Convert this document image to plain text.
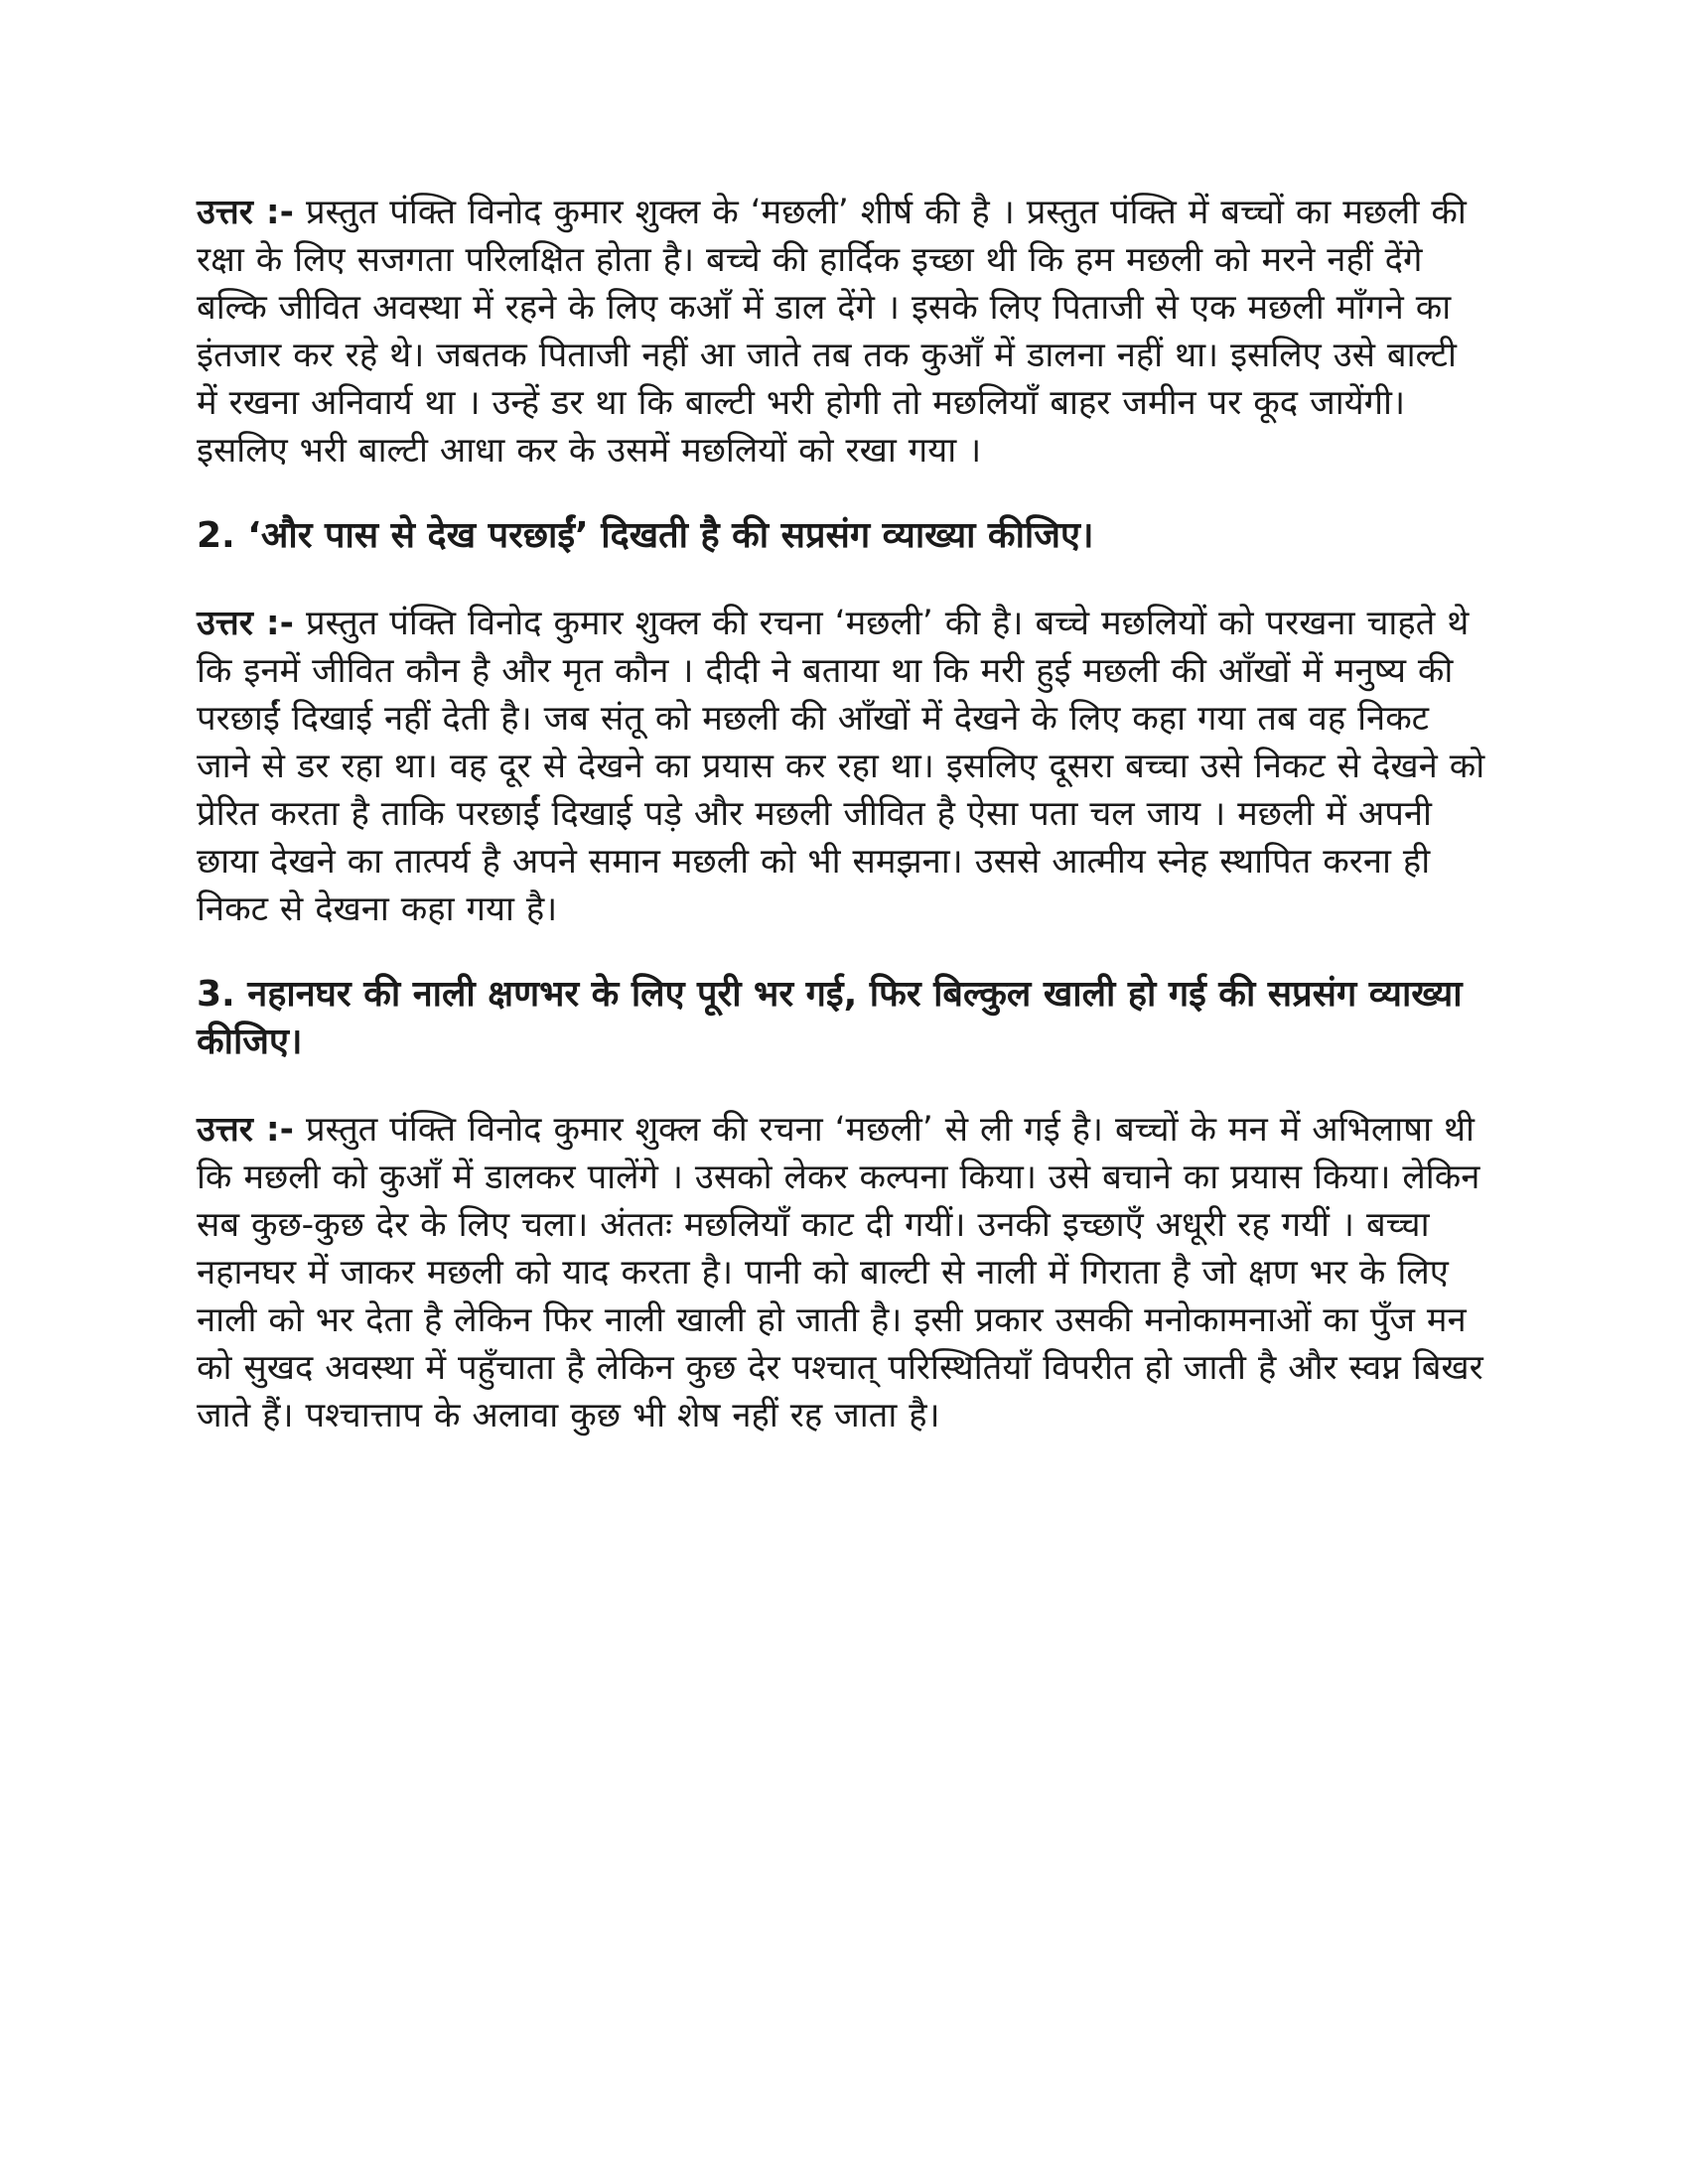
उत्तर :- प्रस्तुत पंक्ति विनोद कुमार शुक्ल के ‘मछली’ शीर्ष की है । प्रस्तुत पंक्ति में बच्चों का मछली की रक्षा के लिए सजगता परिलक्षित होता है। बच्चे की हार्दिक इच्छा थी कि हम मछली को मरने नहीं देंगे बल्कि जीवित अवस्था में रहने के लिए कआँ में डाल देंगे । इसके लिए पिताजी से एक मछली माँगने का इंतजार कर रहे थे। जबतक पिताजी नहीं आ जाते तब तक कुआँ में डालना नहीं था। इसलिए उसे बाल्टी में रखना अनिवार्य था । उन्हें डर था कि बाल्टी भरी होगी तो मछलियाँ बाहर जमीन पर कूद जायेंगी। इसलिए भरी बाल्टी आधा कर के उसमें मछलियों को रखा गया ।

2. ‘और पास से देख परछाईं’ दिखती है की सप्रसंग व्याख्या कीजिए।

उत्तर :- प्रस्तुत पंक्ति विनोद कुमार शुक्ल की रचना ‘मछली’ की है। बच्चे मछलियों को परखना चाहते थे कि इनमें जीवित कौन है और मृत कौन । दीदी ने बताया था कि मरी हुई मछली की आँखों में मनुष्य की परछाईं दिखाई नहीं देती है। जब संतू को मछली की आँखों में देखने के लिए कहा गया तब वह निकट जाने से डर रहा था। वह दूर से देखने का प्रयास कर रहा था। इसलिए दूसरा बच्चा उसे निकट से देखने को प्रेरित करता है ताकि परछाईं दिखाई पड़े और मछली जीवित है ऐसा पता चल जाय । मछली में अपनी छाया देखने का तात्पर्य है अपने समान मछली को भी समझना। उससे आत्मीय स्नेह स्थापित करना ही निकट से देखना कहा गया है।

3. नहानघर की नाली क्षणभर के लिए पूरी भर गई, फिर बिल्कुल खाली हो गई की सप्रसंग व्याख्या कीजिए।

उत्तर :- प्रस्तुत पंक्ति विनोद कुमार शुक्ल की रचना ‘मछली’ से ली गई है। बच्चों के मन में अभिलाषा थी कि मछली को कुआँ में डालकर पालेंगे । उसको लेकर कल्पना किया। उसे बचाने का प्रयास किया। लेकिन सब कुछ-कुछ देर के लिए चला। अंततः मछलियाँ काट दी गयीं। उनकी इच्छाएँ अधूरी रह गयीं । बच्चा नहानघर में जाकर मछली को याद करता है। पानी को बाल्टी से नाली में गिराता है जो क्षण भर के लिए नाली को भर देता है लेकिन फिर नाली खाली हो जाती है। इसी प्रकार उसकी मनोकामनाओं का पुँज मन को सुखद अवस्था में पहुँचाता है लेकिन कुछ देर पश्चात् परिस्थितियाँ विपरीत हो जाती है और स्वप्न बिखर जाते हैं। पश्चात्ताप के अलावा कुछ भी शेष नहीं रह जाता है।
